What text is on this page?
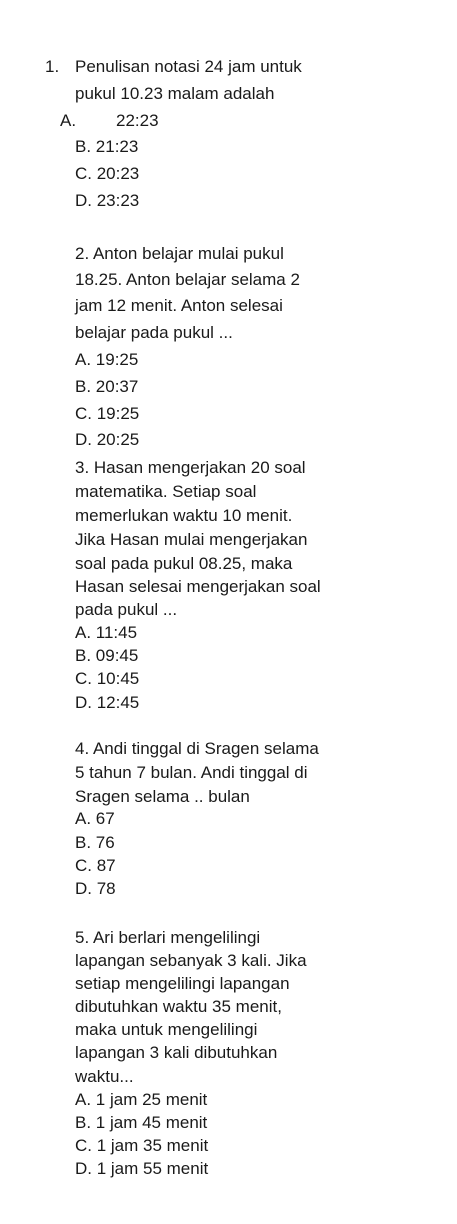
1. Penulisan notasi 24 jam untuk

pukul 10.23 malam adalah

A. 22:23

B. 21:23

C. 20:23

D. 23:23

2. Anton belajar mulai pukul

18.25. Anton belajar selama 2

jam 12 menit. Anton selesai

belajar pada pukul ...

A. 19:25

B. 20:37

C. 19:25

D. 20:25

3. Hasan mengerjakan 20 soal

matematika. Setiap soal

memerlukan waktu 10 menit.

Jika Hasan mulai mengerjakan

soal pada pukul 08.25, maka

Hasan selesai mengerjakan soal

pada pukul ...

A. 11:45

B. 09:45

C. 10:45

D. 12:45

4. Andi tinggal di Sragen selama

5 tahun 7 bulan. Andi tinggal di

Sragen selama .. bulan

A. 67

B. 76

C. 87

D. 78

5. Ari berlari mengelilingi

lapangan sebanyak 3 kali. Jika

setiap mengelilingi lapangan

dibutuhkan waktu 35 menit,

maka untuk mengelilingi

lapangan 3 kali dibutuhkan

waktu...

A. 1 jam 25 menit

B. 1 jam 45 menit

C. 1 jam 35 menit

D. 1 jam 55 menit
